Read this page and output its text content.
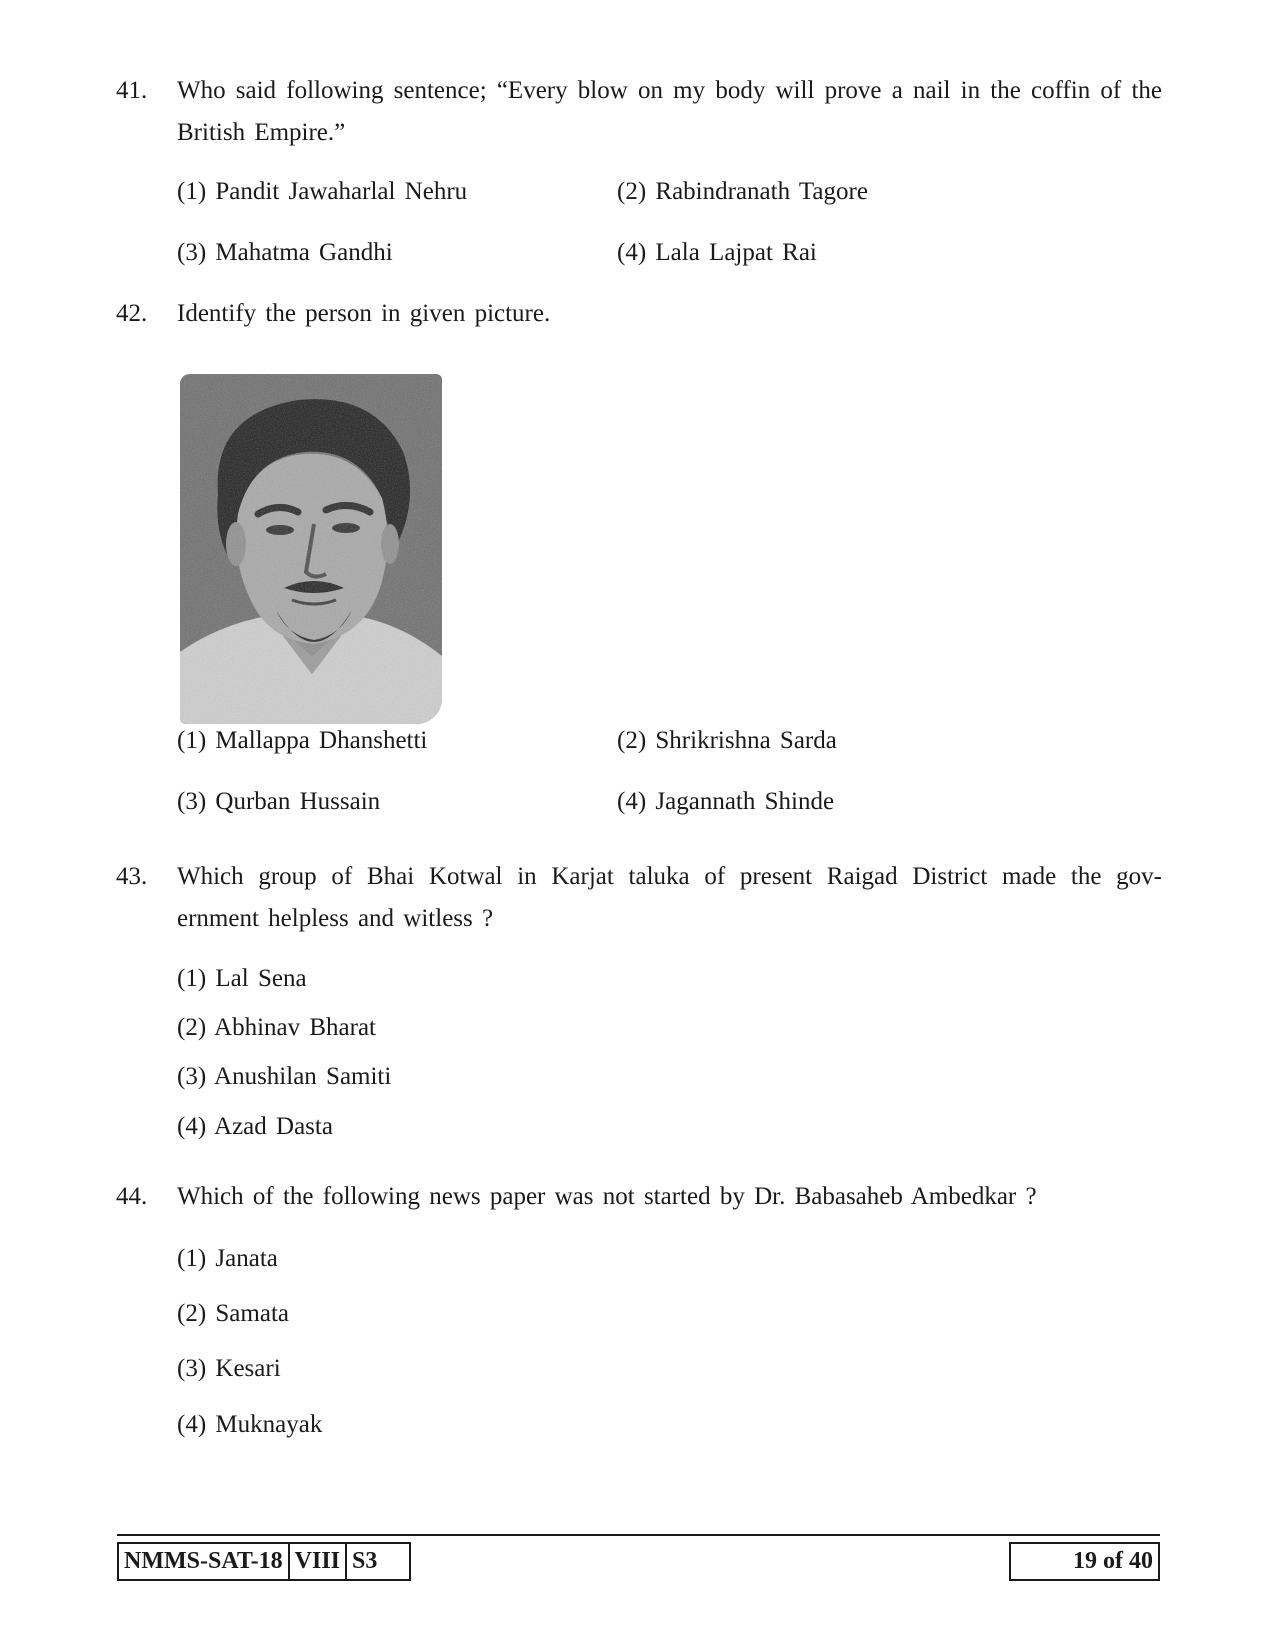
41. Who said following sentence; “Every blow on my body will prove a nail in the coffin of the British Empire.”
(1) Pandit Jawaharlal Nehru	(2) Rabindranath Tagore
(3) Mahatma Gandhi	(4) Lala Lajpat Rai
42. Identify the person in given picture.
(1) Mallappa Dhanshetti	(2) Shrikrishna Sarda
(3) Qurban Hussain	(4) Jagannath Shinde
43. Which group of Bhai Kotwal in Karjat taluka of present Raigad District made the gov- ernment helpless and witless ?
(1) Lal Sena
(2) Abhinav Bharat
(3) Anushilan Samiti
(4) Azad Dasta
44. Which of the following news paper was not started by Dr. Babasaheb Ambedkar ?
(1) Janata
(2) Samata
(3) Kesari
(4) Muknayak
NMMS-SAT-18 VIII S3	19 of 40
